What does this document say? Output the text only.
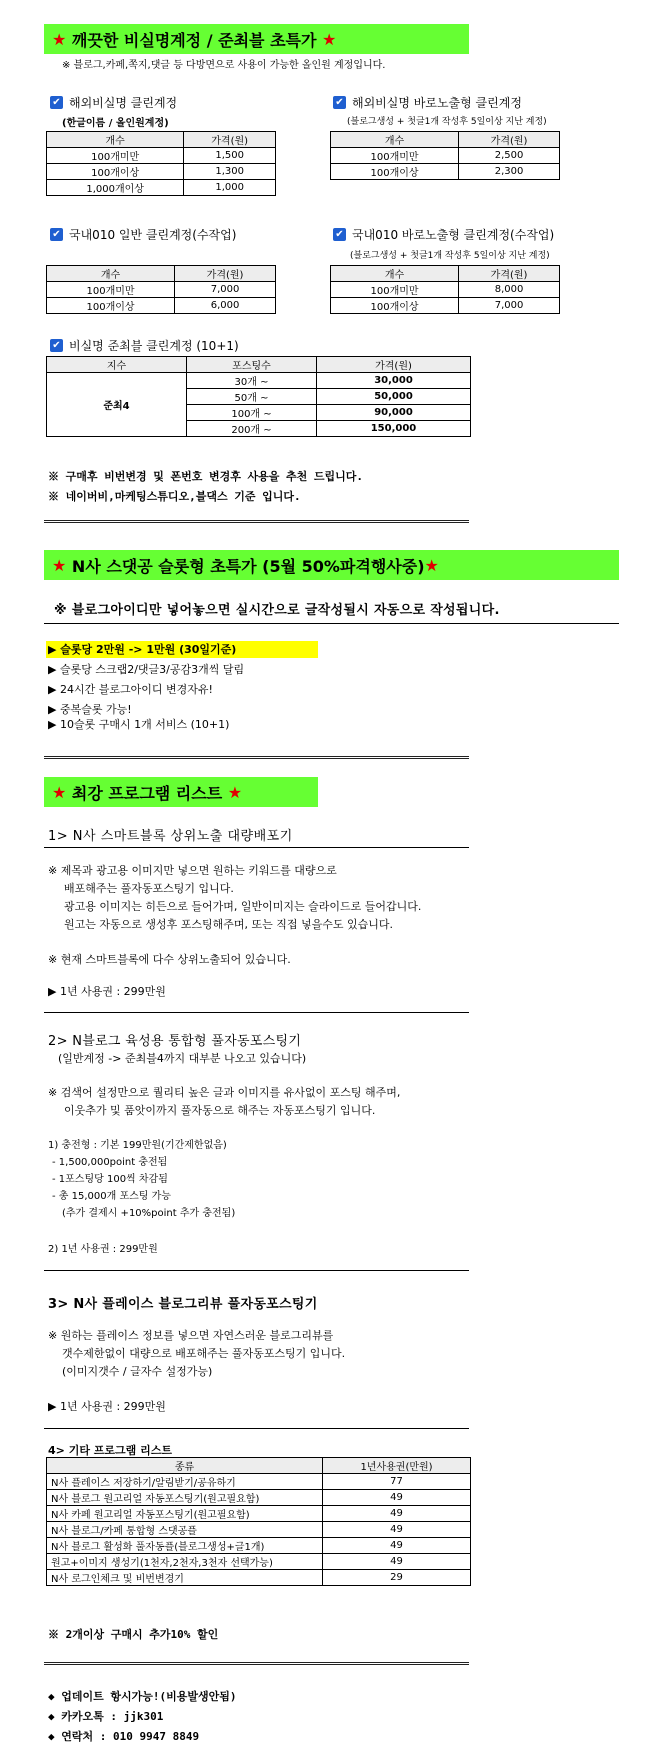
★
깨끗한 비실명계정 / 준최블 초특가
★
※ 블로그,카페,쪽지,댓글 등 다방면으로 사용이 가능한 올인원 계정입니다.
✔ 해외비실명 클린계정
(한글이름 / 올인원계정)
개수	가격(원)
100개미만	1,500
100개이상	1,300
1,000개이상	1,000
✔ 해외비실명 바로노출형 클린계정
(블로그생성 + 첫글1개 작성후 5일이상 지난 계정)
개수	가격(원)
100개미만	2,500
100개이상	2,300
✔ 국내010 일반 클린계정(수작업)
개수	가격(원)
100개미만	7,000
100개이상	6,000
✔ 국내010 바로노출형 클린계정(수작업)
(블로그생성 + 첫글1개 작성후 5일이상 지난 계정)
개수	가격(원)
100개미만	8,000
100개이상	7,000
✔ 비실명 준최블 클린계정 (10+1)
지수	포스팅수	가격(원)
준최4	30개 ~	30,000
	50개 ~	50,000
	100개 ~	90,000
	200개 ~	150,000
※ 구매후 비번변경 및 폰번호 변경후 사용을 추천 드립니다.
※ 네이버비,마케팅스튜디오,블댁스 기준 입니다.
★
N사 스댓공 슬롯형 초특가 (5월 50%파격행사중) ★
※ 블로그아이디만 넣어놓으면 실시간으로 글작성될시 자동으로 작성됩니다.
▶ 슬롯당 2만원 -> 1만원 (30일기준)
▶ 슬롯당 스크랩2/댓글3/공감3개씩 달림
▶ 24시간 블로그아이디 변경자유!
▶ 중복슬롯 가능!
▶ 10슬롯 구매시 1개 서비스 (10+1)
★
최강 프로그램 리스트
★
1> N사 스마트블록 상위노출 대량배포기
※ 제목과 광고용 이미지만 넣으면 원하는 키워드를 대량으로
배포해주는 풀자동포스팅기 입니다.
광고용 이미지는 히든으로 들어가며, 일반이미지는 슬라이드로 들어갑니다.
원고는 자동으로 생성후 포스팅해주며, 또는 직접 넣을수도 있습니다.
※ 현재 스마트블록에 다수 상위노출되어 있습니다.
▶ 1년 사용권 : 299만원
2> N블로그 육성용 통합형 풀자동포스팅기
(일반계정 -> 준최블4까지 대부분 나오고 있습니다)
※ 검색어 설정만으로 퀄리티 높은 글과 이미지를 유사없이 포스팅 해주며,
이웃추가 및 품앗이까지 풀자동으로 해주는 자동포스팅기 입니다.
1) 충전형 : 기본 199만원(기간제한없음)
- 1,500,000point 충전됨
- 1포스팅당 100씩 차감됨
- 총 15,000개 포스팅 가능
(추가 결제시 +10%point 추가 충전됨)
2) 1년 사용권 : 299만원
3> N사 플레이스 블로그리뷰 풀자동포스팅기
※ 원하는 플레이스 정보를 넣으면 자연스러운 블로그리뷰를
갯수제한없이 대량으로 배포해주는 풀자동포스팅기 입니다.
(이미지갯수 / 글자수 설정가능)
▶ 1년 사용권 : 299만원
4> 기타 프로그램 리스트
종류	1년사용권(만원)
N사 플레이스 저장하기/알림받기/공유하기	77
N사 블로그 원고리얼 자동포스팅기(원고필요함)	49
N사 카페 원고리얼 자동포스팅기(원고필요함)	49
N사 블로그/카페 통합형 스댓공플	49
N사 블로그 활성화 풀자동플(블로그생성+글1개)	49
원고+이미지 생성기(1천자,2천자,3천자 선택가능)	49
N사 로그인체크 및 비번변경기	29
※ 2개이상 구매시 추가10% 할인
◆ 업데이트 항시가능!(비용발생안됨)
◆ 카카오톡 : jjk301
◆ 연락처 : 010 9947 8849
